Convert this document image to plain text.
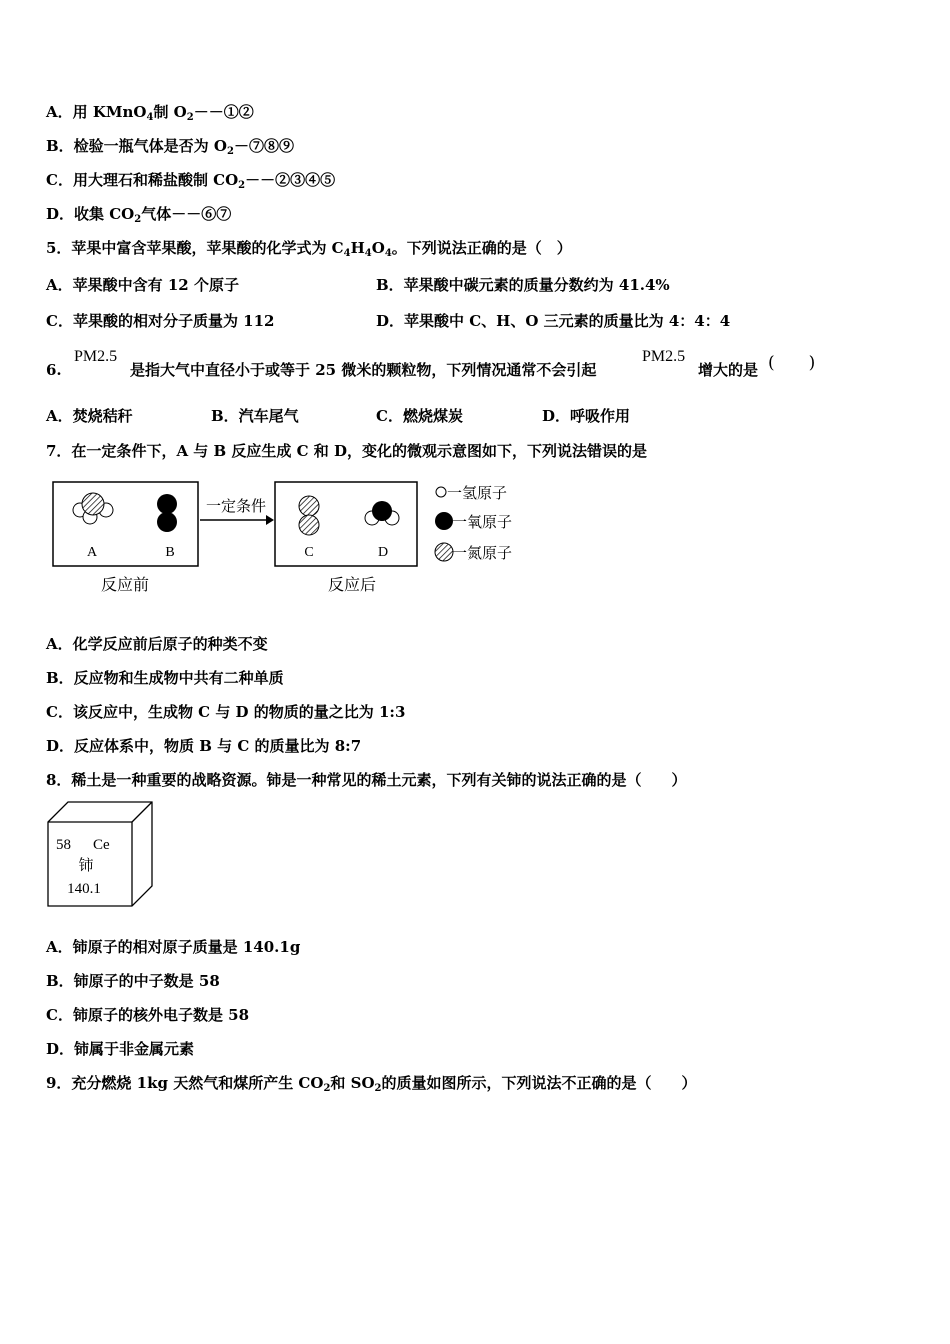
A．用 KMnO$_4$制 $O_2--①②$
B．检验一瓶气体是否为 $O_2-⑦⑧⑨$
C．用大理石和稀盐酸制 $CO_2--②③④⑤$
D．收集 $CO_2$气体－－⑥⑦
5．苹果中富含苹果酸，苹果酸的化学式为 $C_4H_4O_4$。下列说法正确的是（　）
A．苹果酸中含有 12 个原子	B．苹果酸中碳元素的质量分数约为 41.4%
C．苹果酸的相对分子质量为 112	D．苹果酸中 C、H、O 三元素的质量比为 4：4：4
6.
PM2.5
是指大气中直径小于或等于 25 微米的颗粒物，下列情况通常不会引起
PM2.5
增大的是 (　　)
A．焚烧秸秆	B．汽车尾气	C．燃烧煤炭	D．呼吸作用
7．在一定条件下，A 与 B 反应生成 C 和 D，变化的微观示意图如下，下列说法错误的是
A	B
一定条件
C	D
反应前	反应后
一氢原子
一氧原子
一氮原子
A．化学反应前后原子的种类不变
B．反应物和生成物中共有二种单质
C．该反应中，生成物 C 与 D 的物质的量之比为 1:3
D．反应体系中，物质 B 与 C 的质量比为 8:7
8．稀土是一种重要的战略资源。铈是一种常见的稀土元素，下列有关铈的说法正确的是（　　）
58 Ce
铈
140.1
A．铈原子的相对原子质量是 140.1g
B．铈原子的中子数是 58
C．铈原子的核外电子数是 58
D．铈属于非金属元素
9．充分燃烧 1kg 天然气和煤所产生 $CO_2$和 $SO_2$的质量如图所示，下列说法不正确的是（　　）
